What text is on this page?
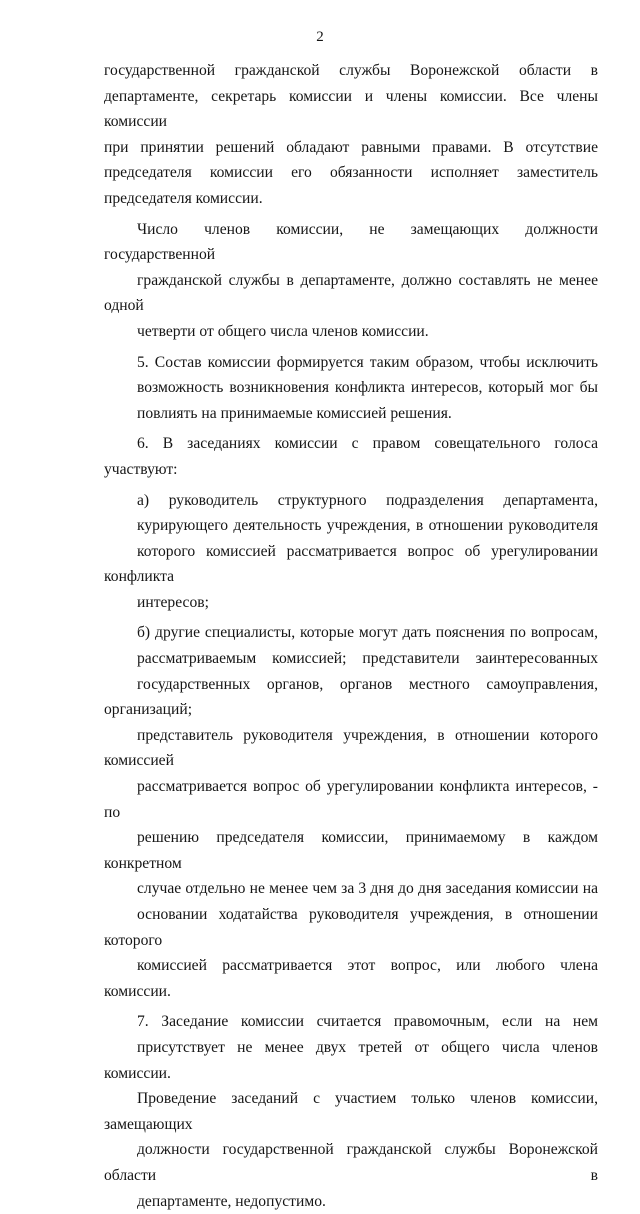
2

государственной гражданской службы Воронежской области в
департаменте, секретарь комиссии и члены комиссии. Все члены комиссии
при принятии решений обладают равными правами. В отсутствие
председателя комиссии его обязанности исполняет заместитель
председателя комиссии.

Число членов комиссии, не замещающих должности государственной
гражданской службы в департаменте, должно составлять не менее одной
четверти от общего числа членов комиссии.

5. Состав комиссии формируется таким образом, чтобы исключить
возможность возникновения конфликта интересов, который мог бы
повлиять на принимаемые комиссией решения.

6. В заседаниях комиссии с правом совещательного голоса участвуют:

а) руководитель структурного подразделения департамента,
курирующего деятельность учреждения, в отношении руководителя
которого комиссией рассматривается вопрос об урегулировании конфликта
интересов;

б) другие специалисты, которые могут дать пояснения по вопросам,
рассматриваемым комиссией; представители заинтересованных
государственных органов, органов местного самоуправления, организаций;
представитель руководителя учреждения, в отношении которого комиссией
рассматривается вопрос об урегулировании конфликта интересов, - по
решению председателя комиссии, принимаемому в каждом конкретном
случае отдельно не менее чем за 3 дня до дня заседания комиссии на
основании ходатайства руководителя учреждения, в отношении которого
комиссией рассматривается этот вопрос, или любого члена комиссии.

7. Заседание комиссии считается правомочным, если на нем
присутствует не менее двух третей от общего числа членов комиссии.
Проведение заседаний с участием только членов комиссии, замещающих
должности государственной гражданской службы Воронежской области в
департаменте, недопустимо.
